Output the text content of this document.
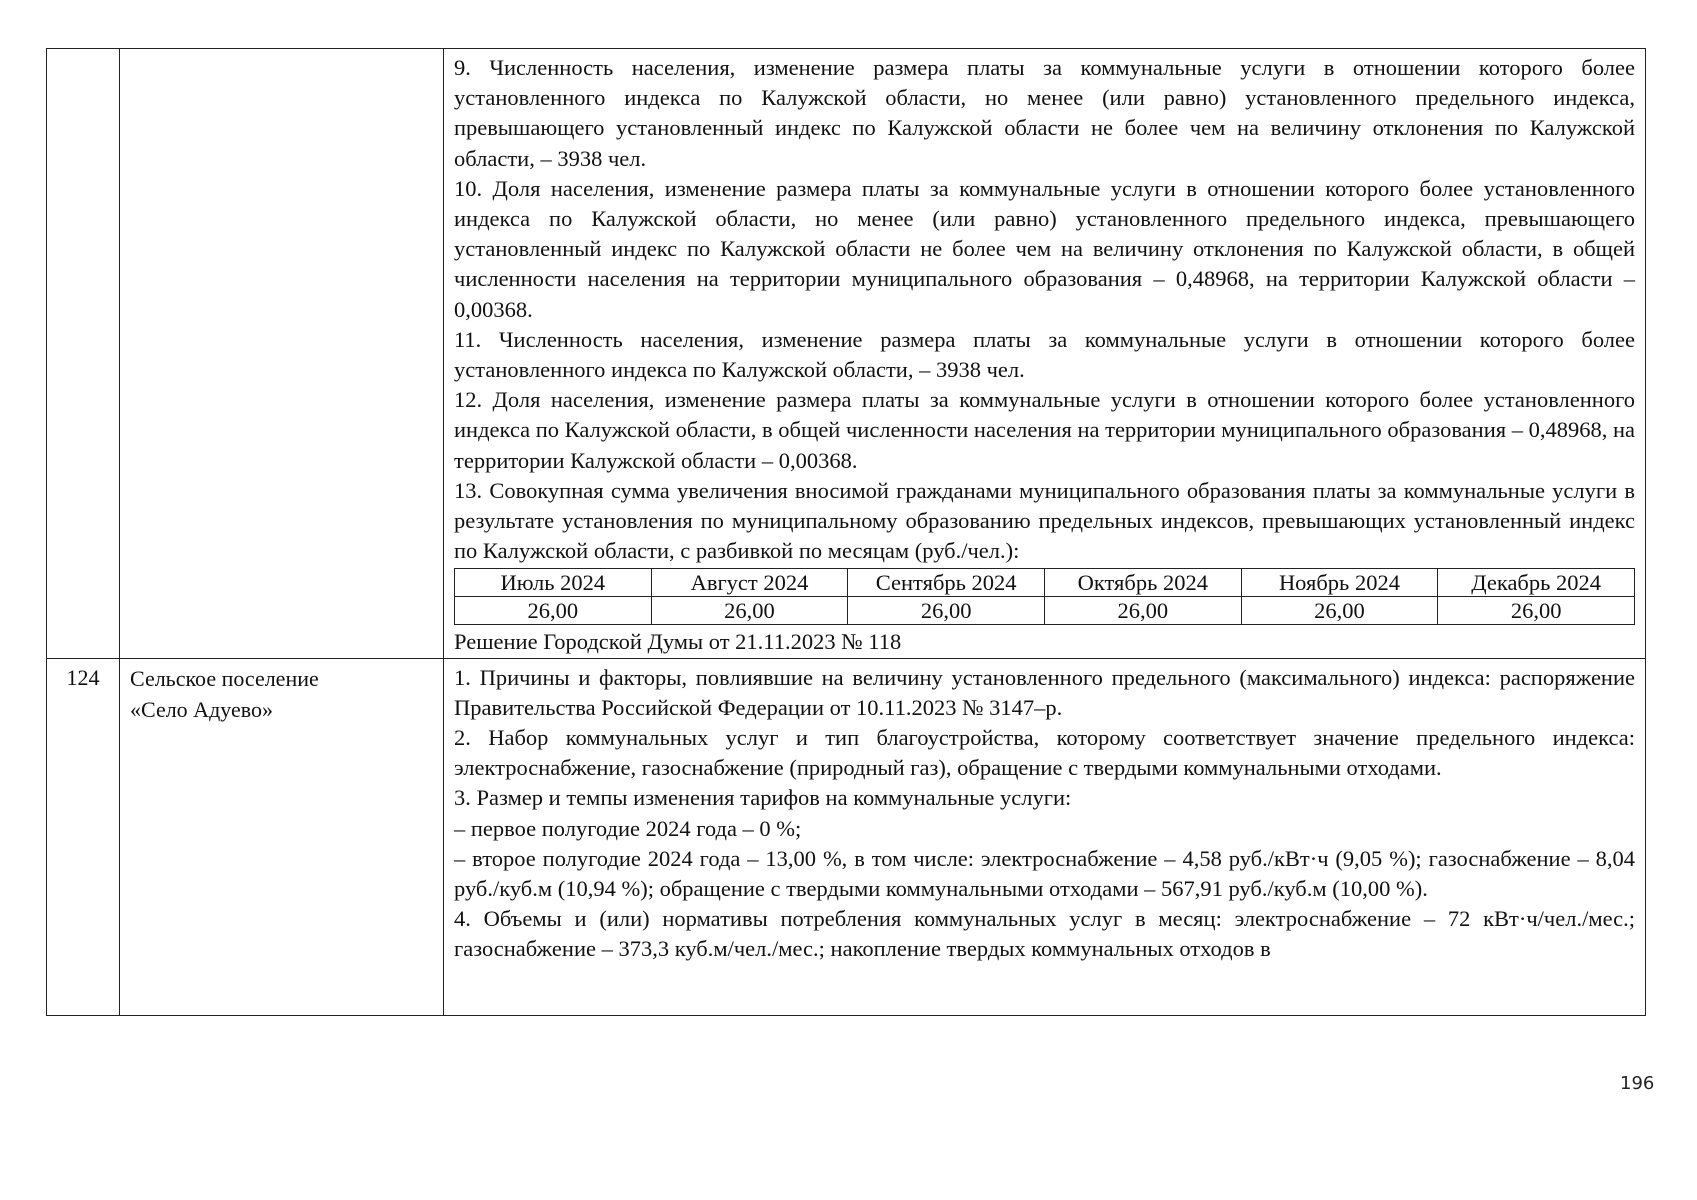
9. Численность населения, изменение размера платы за коммунальные услуги в отношении которого более установленного индекса по Калужской области, но менее (или равно) установленного предельного индекса, превышающего установленный индекс по Калужской области не более чем на величину отклонения по Калужской области, – 3938 чел.

10. Доля населения, изменение размера платы за коммунальные услуги в отношении которого более установленного индекса по Калужской области, но менее (или равно) установленного предельного индекса, превышающего установленный индекс по Калужской области не более чем на величину отклонения по Калужской области, в общей численности населения на территории муниципального образования – 0,48968, на территории Калужской области – 0,00368.

11. Численность населения, изменение размера платы за коммунальные услуги в отношении которого более установленного индекса по Калужской области, – 3938 чел.

12. Доля населения, изменение размера платы за коммунальные услуги в отношении которого более установленного индекса по Калужской области, в общей численности населения на территории муниципального образования – 0,48968, на территории Калужской области – 0,00368.

13. Совокупная сумма увеличения вносимой гражданами муниципального образования платы за коммунальные услуги в результате установления по муниципальному образованию предельных индексов, превышающих установленный индекс по Калужской области, с разбивкой по месяцам (руб./чел.):

Июль 2024	Август 2024	Сентябрь 2024	Октябрь 2024	Ноябрь 2024	Декабрь 2024
26,00	26,00	26,00	26,00	26,00	26,00

Решение Городской Думы от 21.11.2023 № 118

124	Сельское поселение
«Село Адуево»

1. Причины и факторы, повлиявшие на величину установленного предельного (максимального) индекса: распоряжение Правительства Российской Федерации от 10.11.2023 № 3147–р.

2. Набор коммунальных услуг и тип благоустройства, которому соответствует значение предельного индекса: электроснабжение, газоснабжение (природный газ), обращение с твердыми коммунальными отходами.

3. Размер и темпы изменения тарифов на коммунальные услуги:

– первое полугодие 2024 года – 0 %;

– второе полугодие 2024 года – 13,00 %, в том числе: электроснабжение – 4,58 руб./кВт·ч (9,05 %); газоснабжение – 8,04 руб./куб.м (10,94 %); обращение с твердыми коммунальными отходами – 567,91 руб./куб.м (10,00 %).

4. Объемы и (или) нормативы потребления коммунальных услуг в месяц: электроснабжение – 72 кВт·ч/чел./мес.; газоснабжение – 373,3 куб.м/чел./мес.; накопление твердых коммунальных отходов в

196
